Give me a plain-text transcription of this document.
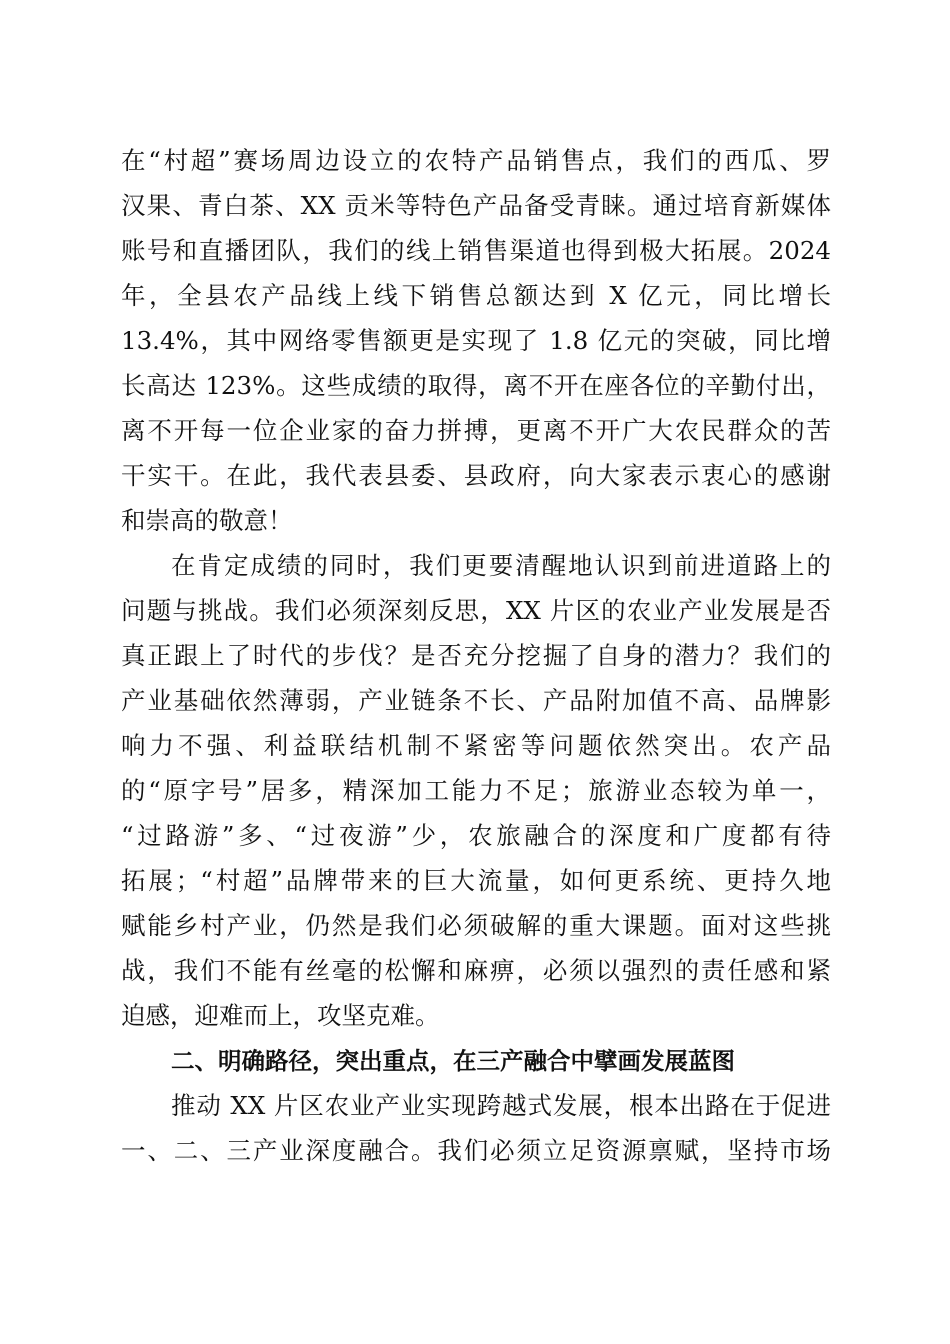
在“村超”赛场周边设立的农特产品销售点，我们的西瓜、罗
汉果、青白茶、XX 贡米等特色产品备受青睐。通过培育新媒体
账号和直播团队，我们的线上销售渠道也得到极大拓展。2024
年，全县农产品线上线下销售总额达到 X 亿元，同比增长
13.4%，其中网络零售额更是实现了 1.8 亿元的突破，同比增
长高达 123%。这些成绩的取得，离不开在座各位的辛勤付出，
离不开每一位企业家的奋力拼搏，更离不开广大农民群众的苦
干实干。在此，我代表县委、县政府，向大家表示衷心的感谢
和崇高的敬意！
在肯定成绩的同时，我们更要清醒地认识到前进道路上的
问题与挑战。我们必须深刻反思，XX 片区的农业产业发展是否
真正跟上了时代的步伐？是否充分挖掘了自身的潜力？我们的
产业基础依然薄弱，产业链条不长、产品附加值不高、品牌影
响力不强、利益联结机制不紧密等问题依然突出。农产品
的“原字号”居多，精深加工能力不足；旅游业态较为单一，
“过路游”多、“过夜游”少，农旅融合的深度和广度都有待
拓展；“村超”品牌带来的巨大流量，如何更系统、更持久地
赋能乡村产业，仍然是我们必须破解的重大课题。面对这些挑
战，我们不能有丝毫的松懈和麻痹，必须以强烈的责任感和紧
迫感，迎难而上，攻坚克难。
二、明确路径，突出重点，在三产融合中擘画发展蓝图
推动 XX 片区农业产业实现跨越式发展，根本出路在于促进
一、二、三产业深度融合。我们必须立足资源禀赋，坚持市场
